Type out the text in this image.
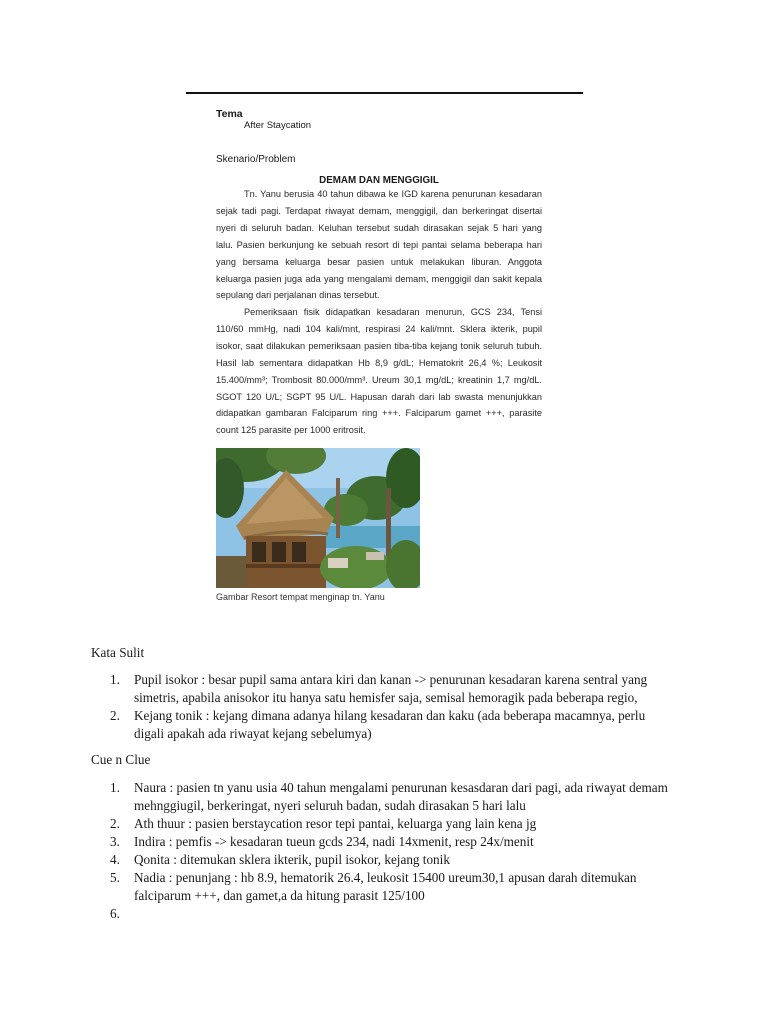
Tema
After Staycation
Skenario/Problem
DEMAM DAN MENGGIGIL

Tn. Yanu berusia 40 tahun dibawa ke IGD karena penurunan kesadaran sejak tadi pagi. Terdapat riwayat demam, menggigil, dan berkeringat disertai nyeri di seluruh badan. Keluhan tersebut sudah dirasakan sejak 5 hari yang lalu. Pasien berkunjung ke sebuah resort di tepi pantai selama beberapa hari yang bersama keluarga besar pasien untuk melakukan liburan. Anggota keluarga pasien juga ada yang mengalami demam, menggigil dan sakit kepala sepulang dari perjalanan dinas tersebut.

Pemeriksaan fisik didapatkan kesadaran menurun, GCS 234, Tensi 110/60 mmHg, nadi 104 kali/mnt, respirasi 24 kali/mnt. Sklera ikterik, pupil isokor, saat dilakukan pemeriksaan pasien tiba-tiba kejang tonik seluruh tubuh. Hasil lab sementara didapatkan Hb 8,9 g/dL; Hematokrit 26,4 %; Leukosit 15.400/mm³; Trombosit 80.000/mm³. Ureum 30,1 mg/dL; kreatinin 1,7 mg/dL. SGOT 120 U/L; SGPT 95 U/L. Hapusan darah dari lab swasta menunjukkan didapatkan gambaran Falciparum ring +++. Falciparum gamet +++, parasite count 125 parasite per 1000 eritrosit.

Gambar Resort tempat menginap tn. Yanu
Kata Sulit
1. Pupil isokor : besar pupil sama antara kiri dan kanan -> penurunan kesadaran karena sentral yang simetris, apabila anisokor itu hanya satu hemisfer saja, semisal hemoragik pada beberapa regio,
2. Kejang tonik : kejang dimana adanya hilang kesadaran dan kaku (ada beberapa macamnya, perlu digali apakah ada riwayat kejang sebelumya)
Cue n Clue
1. Naura : pasien tn yanu usia 40 tahun mengalami penurunan kesasdaran dari pagi, ada riwayat demam mehnggiugil, berkeringat, nyeri seluruh badan, sudah dirasakan 5 hari lalu
2. Ath thuur : pasien berstaycation resor tepi pantai, keluarga yang lain kena jg
3. Indira : pemfis -> kesadaran tueun gcds 234, nadi 14xmenit, resp 24x/menit
4. Qonita : ditemukan sklera ikterik, pupil isokor, kejang tonik
5. Nadia : penunjang : hb 8.9, hematorik 26.4, leukosit 15400 ureum30,1 apusan darah ditemukan falciparum +++, dan gamet,a da hitung parasit 125/100
6.
